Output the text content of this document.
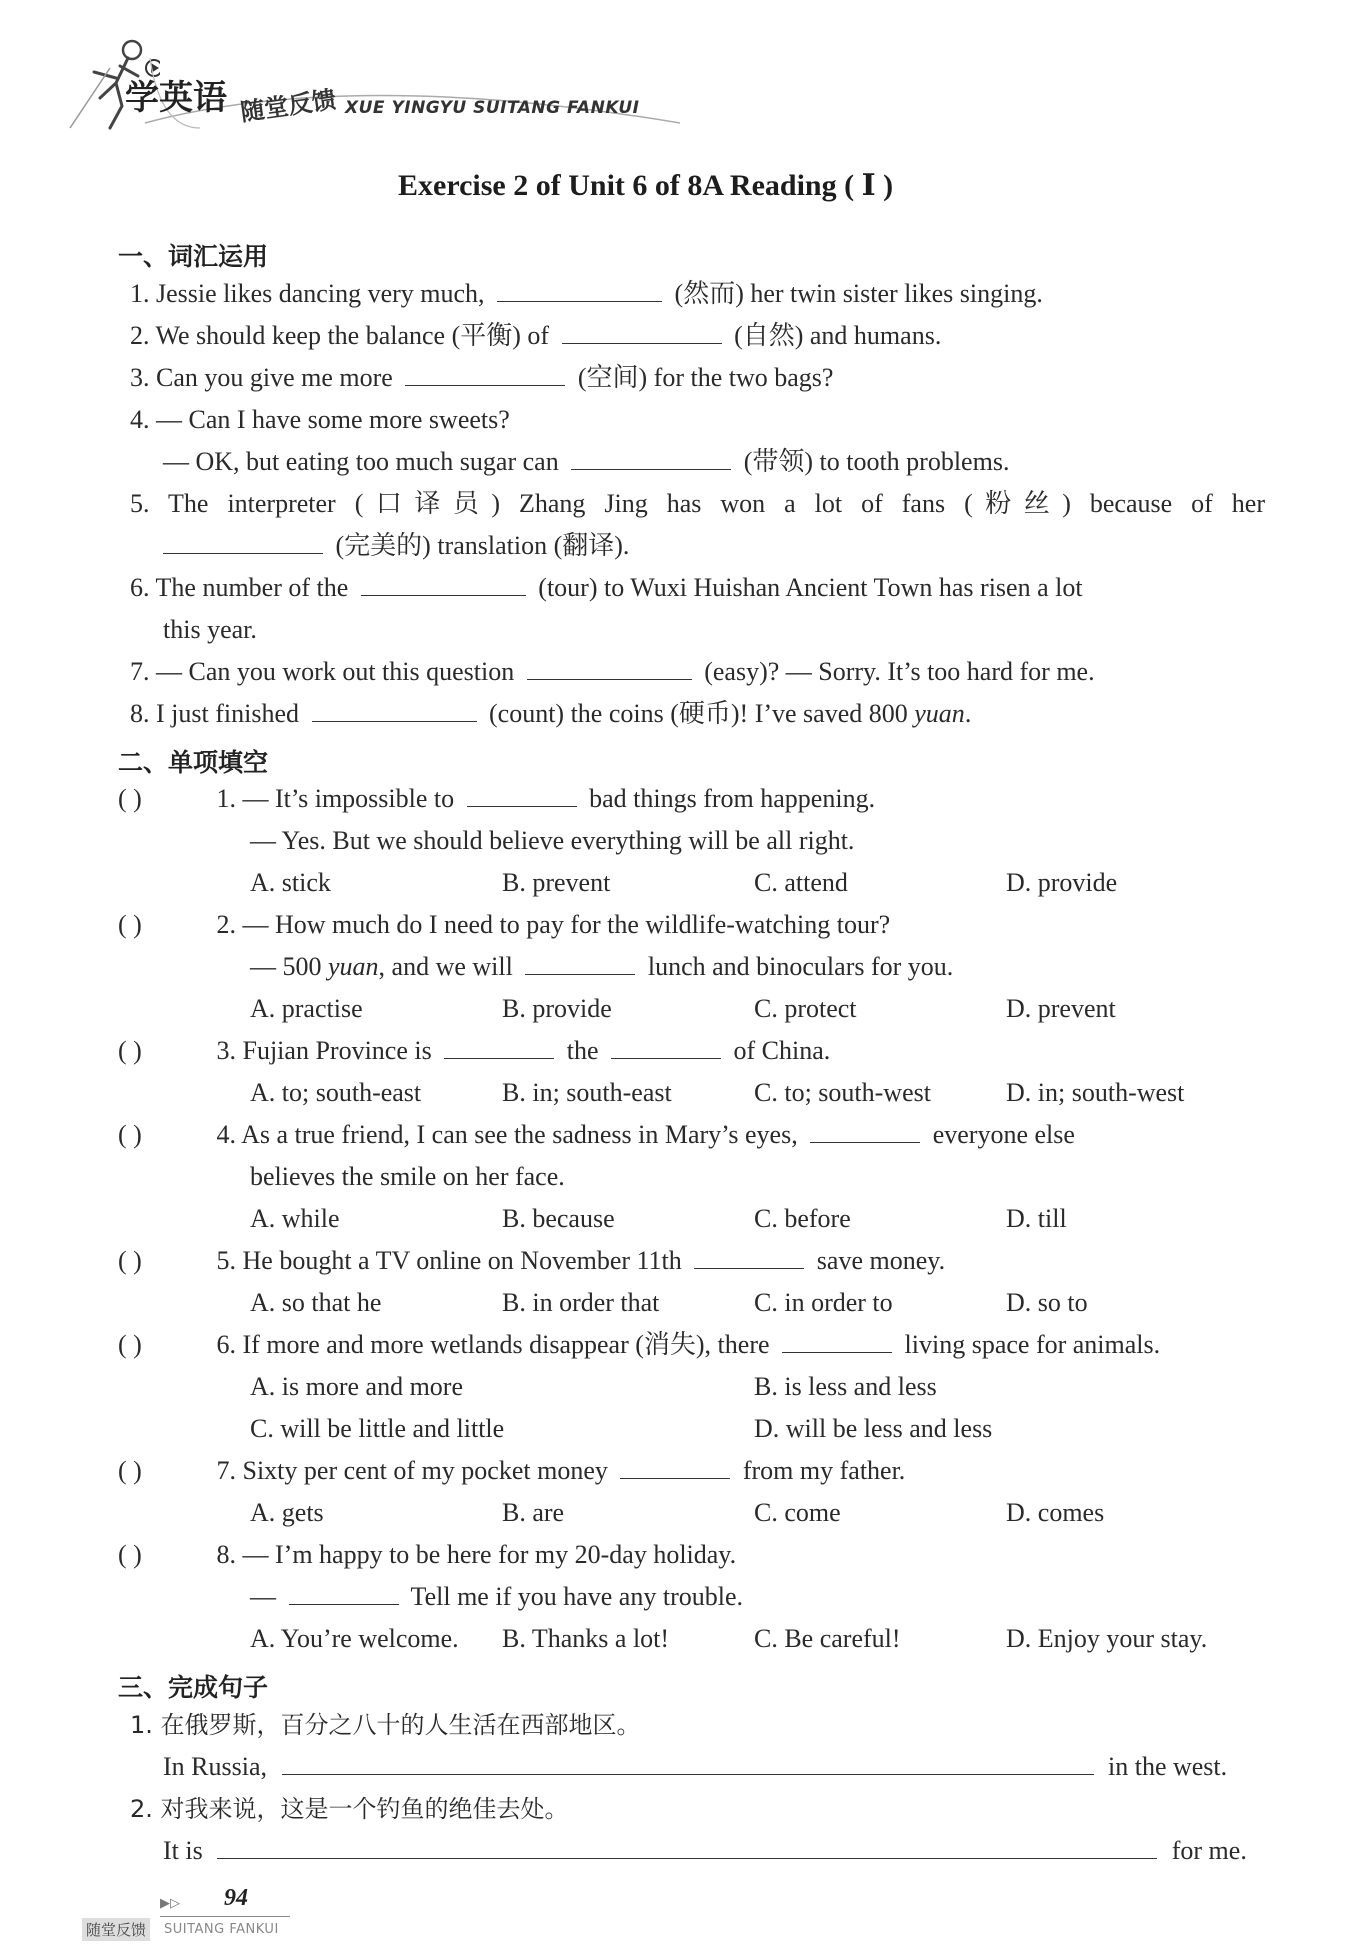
学英语 随堂反馈 XUE YINGYU SUITANG FANKUI
Exercise 2 of Unit 6 of 8A Reading ( Ⅰ )
一、词汇运用
1. Jessie likes dancing very much,	(然而) her twin sister likes singing.
2. We should keep the balance (平衡) of	(自然) and humans.
3. Can you give me more	(空间) for the two bags?
4. — Can I have some more sweets?
— OK, but eating too much sugar can	(带领) to tooth problems.
5. The interpreter (口译员) Zhang Jing has won a lot of fans (粉丝) because of her
(完美的) translation (翻译).
6. The number of the	(tour) to Wuxi Huishan Ancient Town has risen a lot
this year.
7. — Can you work out this question	(easy)? — Sorry. It’s too hard for me.
8. I just finished	(count) the coins (硬币)! I’ve saved 800 yuan.
二、单项填空
( )	1. — It’s impossible to	bad things from happening.
— Yes. But we should believe everything will be all right.
A. stick	B. prevent	C. attend	D. provide
( )	2. — How much do I need to pay for the wildlife-watching tour?
— 500 yuan, and we will	lunch and binoculars for you.
A. practise	B. provide	C. protect	D. prevent
( )	3. Fujian Province is	the	of China.
A. to; south-east	B. in; south-east	C. to; south-west	D. in; south-west
( )	4. As a true friend, I can see the sadness in Mary’s eyes,	everyone else
believes the smile on her face.
A. while	B. because	C. before	D. till
( )	5. He bought a TV online on November 11th	save money.
A. so that he	B. in order that	C. in order to	D. so to
( )	6. If more and more wetlands disappear (消失), there	living space for animals.
A. is more and more	B. is less and less
C. will be little and little	D. will be less and less
( )	7. Sixty per cent of my pocket money	from my father.
A. gets	B. are	C. come	D. comes
( )	8. — I’m happy to be here for my 20-day holiday.
—	Tell me if you have any trouble.
A. You’re welcome. B. Thanks a lot!	C. Be careful!	D. Enjoy your stay.
三、完成句子
1. 在俄罗斯，百分之八十的人生活在西部地区。
In Russia,	in the west.
2. 对我来说，这是一个钓鱼的绝佳去处。
It is	for me.
▶▷ 94
随堂反馈	SUITANG FANKUI
